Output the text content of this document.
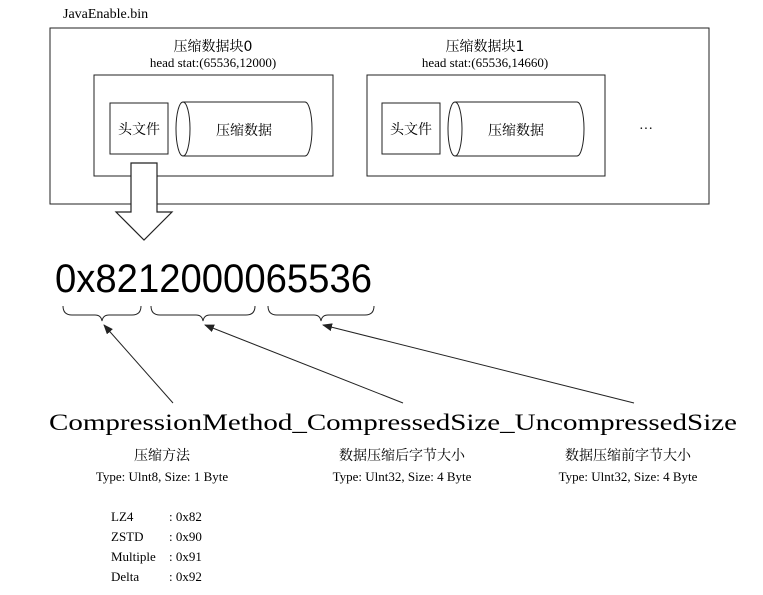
JavaEnable.bin
压缩数据块0
head stat:(65536,12000)
头文件	压缩数据
压缩数据块1
head stat:(65536,14660)
头文件	压缩数据	···
0x8212000065536
CompressionMethod_CompressedSize_UncompressedSize
压缩方法
Type: Ulnt8, Size: 1 Byte
数据压缩后字节大小
Type: Ulnt32, Size: 4 Byte
数据压缩前字节大小
Type: Ulnt32, Size: 4 Byte
LZ4	: 0x82
ZSTD : 0x90
Multiple : 0x91
Delta : 0x92
